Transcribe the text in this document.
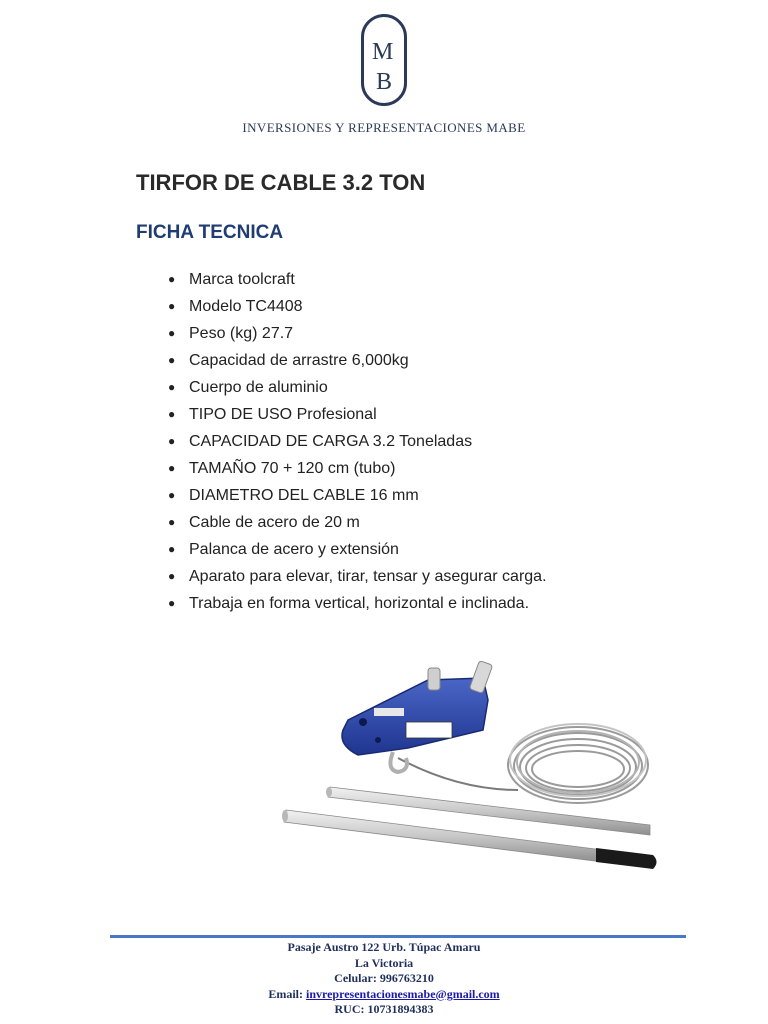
M
B
INVERSIONES Y REPRESENTACIONES MABE
TIRFOR DE CABLE 3.2 TON
FICHA TECNICA
● Marca toolcraft
● Modelo TC4408
● Peso (kg) 27.7
● Capacidad de arrastre 6,000kg
● Cuerpo de aluminio
● TIPO DE USO Profesional
● CAPACIDAD DE CARGA 3.2 Toneladas
● TAMAÑO 70 + 120 cm (tubo)
● DIAMETRO DEL CABLE 16 mm
● Cable de acero de 20 m
● Palanca de acero y extensión
● Aparato para elevar, tirar, tensar y asegurar carga.
● Trabaja en forma vertical, horizontal e inclinada.
Pasaje Austro 122 Urb. Túpac Amaru
La Victoria
Celular: 996763210
Email: invrepresentacionesmabe@gmail.com
RUC: 10731894383
